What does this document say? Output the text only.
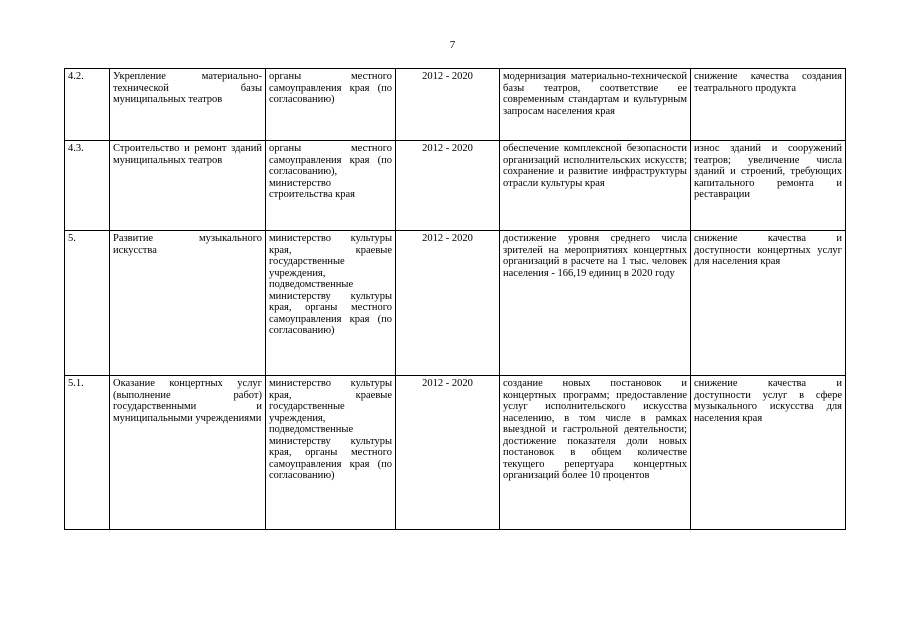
7
4.2.	Укрепление материально-технической базы муниципальных театров	органы местного самоуправления края (по согласованию)	2012 - 2020	модернизация материально-технической базы театров, соответствие ее современным стандартам и культурным запросам населения края	снижение качества создания театрального продукта
4.3.	Строительство и ремонт зданий муниципальных театров	органы местного самоуправления края (по согласованию), министерство строительства края	2012 - 2020	обеспечение комплексной безопасности организаций исполнительских искусств; сохранение и развитие инфраструктуры отрасли культуры края	износ зданий и сооружений театров; увеличение числа зданий и строений, требующих капитального ремонта и реставрации
5.	Развитие музыкального искусства	министерство культуры края, краевые государственные учреждения, подведомственные министерству культуры края, органы местного самоуправления края (по согласованию)	2012 - 2020	достижение уровня среднего числа зрителей на мероприятиях концертных организаций в расчете на 1 тыс. человек населения - 166,19 единиц в 2020 году	снижение качества и доступности концертных услуг для населения края
5.1.	Оказание концертных услуг (выполнение работ) государственными и муниципальными учреждениями	министерство культуры края, краевые государственные учреждения, подведомственные министерству культуры края, органы местного самоуправления края (по согласованию)	2012 - 2020	создание новых постановок и концертных программ; предоставление услуг исполнительского искусства населению, в том числе в рамках выездной и гастрольной деятельности; достижение показателя доли новых постановок в общем количестве текущего репертуара концертных организаций более 10 процентов	снижение качества и доступности услуг в сфере музыкального искусства для населения края
